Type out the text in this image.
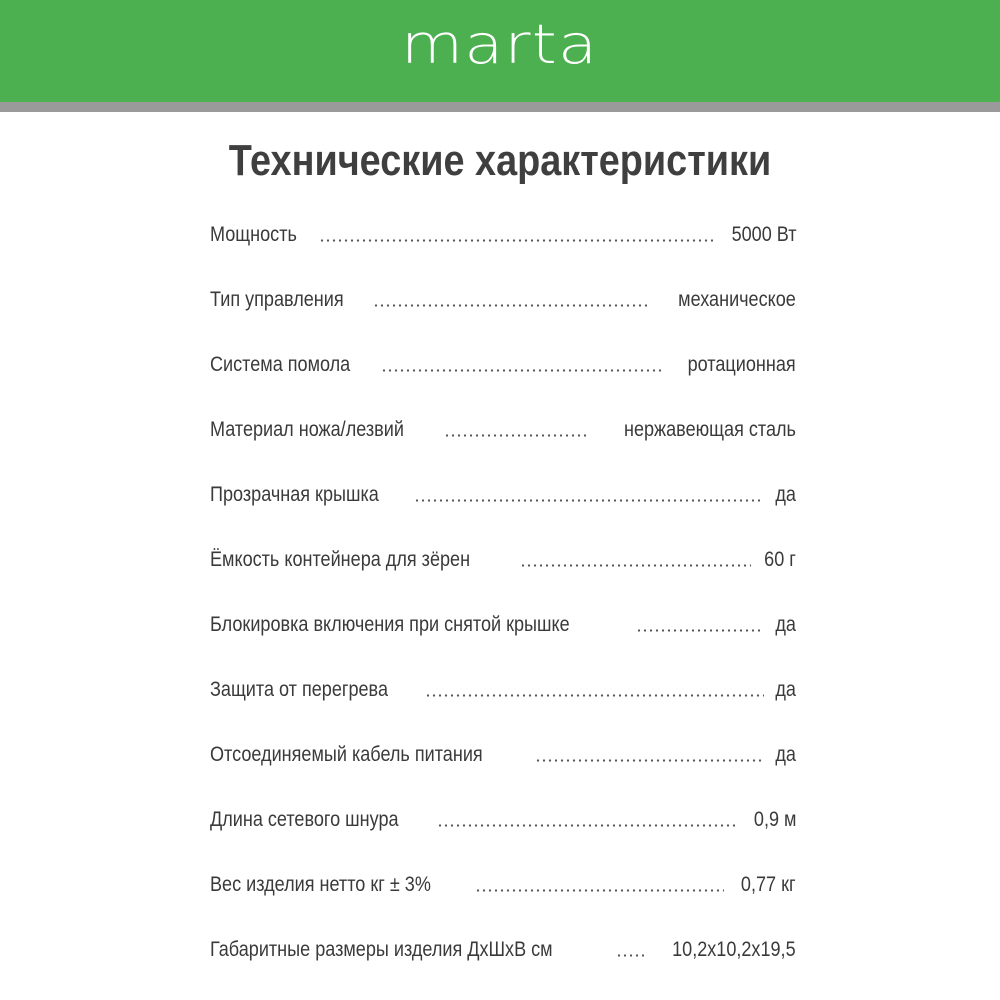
marta
Технические характеристики
Мощность	5000 Вт
Тип управления	механическое
Система помола	ротационная
Материал ножа/лезвий	нержавеющая сталь
Прозрачная крышка	да
Ёмкость контейнера для зёрен	60 г
Блокировка включения при снятой крышке	да
Защита от перегрева	да
Отсоединяемый кабель питания	да
Длина сетевого шнура	0,9 м
Вес изделия нетто кг ± 3%	0,77 кг
Габаритные размеры изделия ДхШхВ см	10,2х10,2х19,5
